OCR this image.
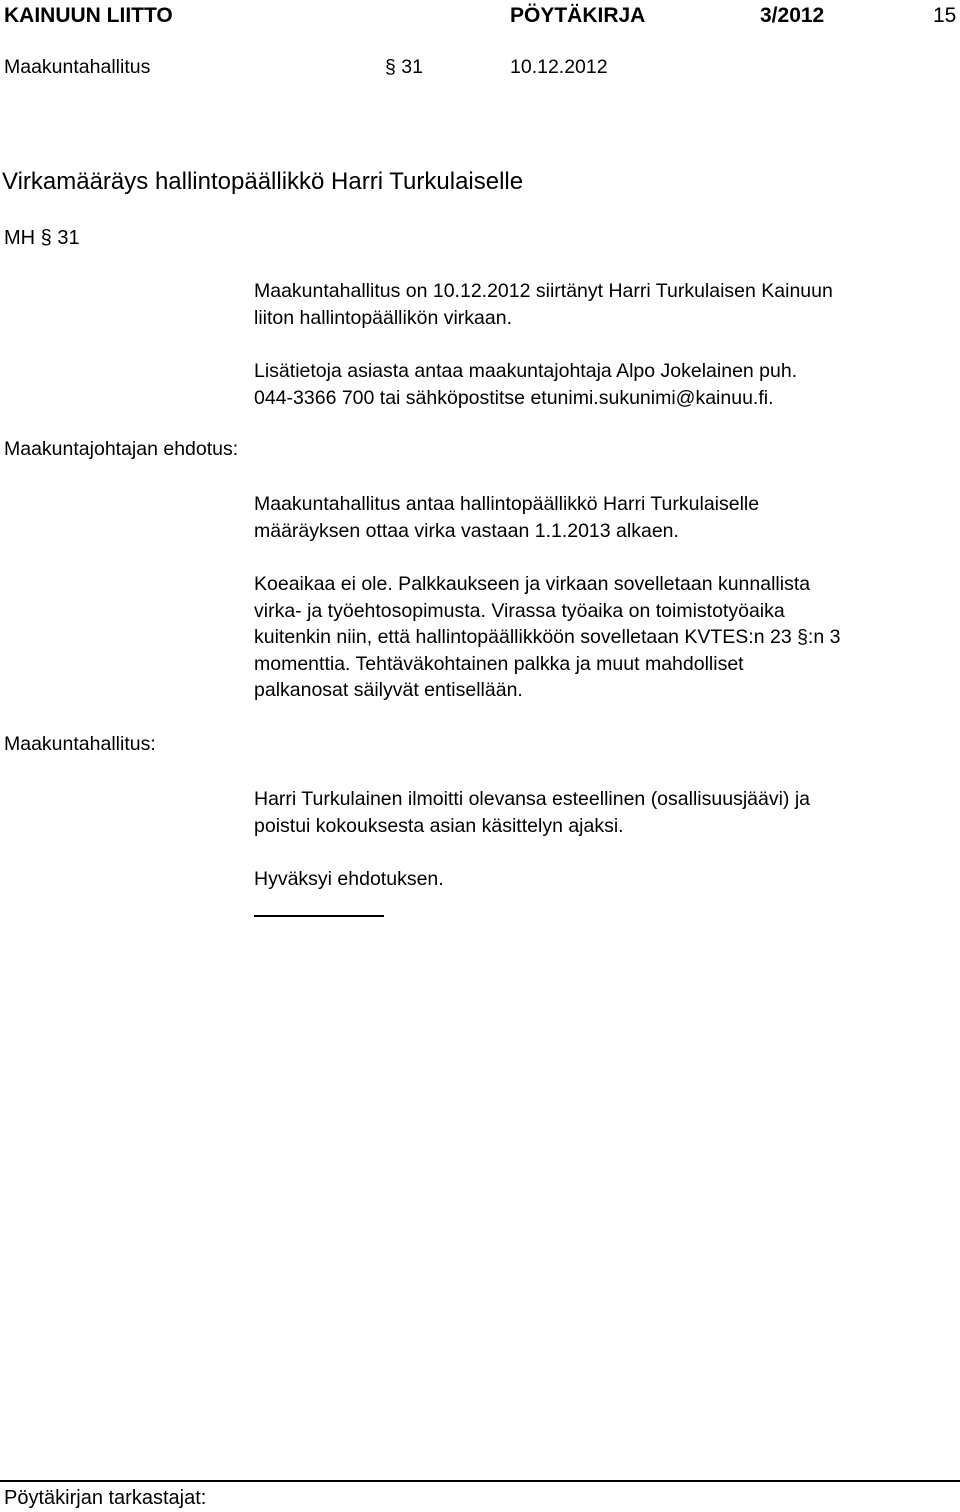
KAINUUN LIITTO	PÖYTÄKIRJA	3/2012	15
Maakuntahallitus	§ 31	10.12.2012
Virkamääräys hallintopäällikkö Harri Turkulaiselle
MH § 31
Maakuntahallitus on 10.12.2012 siirtänyt Harri Turkulaisen Kainuun
liiton hallintopäällikön virkaan.
Lisätietoja asiasta antaa maakuntajohtaja Alpo Jokelainen puh.
044-3366 700 tai sähköpostitse etunimi.sukunimi@kainuu.fi.
Maakuntajohtajan ehdotus:
Maakuntahallitus antaa hallintopäällikkö Harri Turkulaiselle
määräyksen ottaa virka vastaan 1.1.2013 alkaen.
Koeaikaa ei ole. Palkkaukseen ja virkaan sovelletaan kunnallista
virka- ja työehtosopimusta. Virassa työaika on toimistotyöaika
kuitenkin niin, että hallintopäällikköön sovelletaan KVTES:n 23 §:n 3
momenttia. Tehtäväkohtainen palkka ja muut mahdolliset
palkanosat säilyvät entisellään.
Maakuntahallitus:
Harri Turkulainen ilmoitti olevansa esteellinen (osallisuusjäävi) ja
poistui kokouksesta asian käsittelyn ajaksi.
Hyväksyi ehdotuksen.
Pöytäkirjan tarkastajat:
